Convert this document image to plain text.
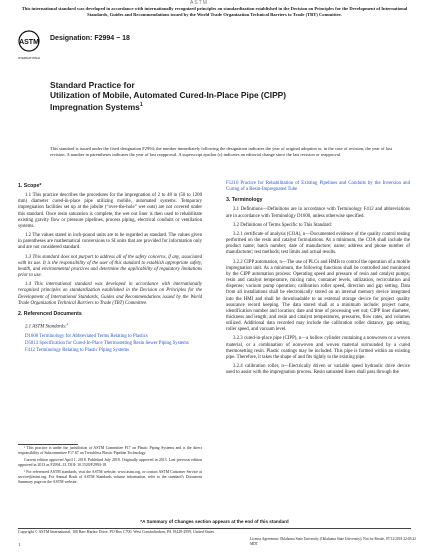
ASTM
This international standard was developed in accordance with internationally recognized principles on standardization established in the Decision on Principles for the Development of International Standards, Guides and Recommendations issued by the World Trade Organization Technical Barriers to Trade (TBT) Committee.
ASTM
INTERNATIONAL
Designation: F2994 − 18
Standard Practice for
Utilization of Mobile, Automated Cured-In-Place Pipe (CIPP)
Impregnation Systems$^1$
This standard is issued under the fixed designation F2994; the number immediately following the designation indicates the year of original adoption or, in the case of revision, the year of last revision. A number in parentheses indicates the year of last reapproval. A superscript epsilon (ε) indicates an editorial change since the last revision or reapproval.
1. Scope*
1.1 This practice describes the procedures for the impregnation of 2 to 48 in (50 to 1200 mm) diameter cured-in-place pipe utilizing mobile, automated systems. Temporary impregnation facilities set up at the jobsite (“over-the-hole” wet outs) are not covered under this standard. Once resin saturation is complete, the wet out liner is then used to rehabilitate existing gravity flow or pressure pipelines, process piping, electrical conduits or ventilation systems.
1.2 The values stated in inch-pound units are to be regarded as standard. The values given in parentheses are mathematical conversions to SI units that are provided for information only and are not considered standard.
1.3 This standard does not purport to address all of the safety concerns, if any, associated with its use. It is the responsibility of the user of this standard to establish appropriate safety, health, and environmental practices and determine the applicability of regulatory limitations prior to use.
1.4 This international standard was developed in accordance with internationally recognized principles on standardization established in the Decision on Principles for the Development of International Standards, Guides and Recommendations issued by the World Trade Organization Technical Barriers to Trade (TBT) Committee.
2. Referenced Documents
2.1 ASTM Standards:$^2$
D1600 Terminology for Abbreviated Terms Relating to Plastics
D5813 Specification for Cured-In-Place Thermosetting Resin Sewer Piping Systems
F412 Terminology Relating to Plastic Piping Systems
¹ This practice is under the jurisdiction of ASTM Committee F17 on Plastic Piping Systems and is the direct responsibility of Subcommittee F17.67 on Trenchless Plastic Pipeline Technology.
Current edition approved April 1, 2018. Published July 2018. Originally approved in 2013. Last previous edition approved in 2013 as F2994–13. DOI: 10.1520/F2994-18.
² For referenced ASTM standards, visit the ASTM website, www.astm.org, or contact ASTM Customer Service at service@astm.org. For Annual Book of ASTM Standards volume information, refer to the standard’s Document Summary page on the ASTM website.
F1216 Practice for Rehabilitation of Existing Pipelines and Conduits by the Inversion and Curing of a Resin-Impregnated Tube
3. Terminology
3.1 Definitions—Definitions are in accordance with Terminology F412 and abbreviations are in accordance with Terminology D1600, unless otherwise specified.
3.2 Definitions of Terms Specific to This Standard:
3.2.1 certificate of analysis (COA), n—Documented evidence of the quality control testing performed on the resin and catalyst formulations. As a minimum, the COA shall include the product name; batch number; date of manufacture; name; address and phone number of manufacturer; test methods; test limits and actual results.
3.2.2 CIPP automation, n—The use of PLCs and HMIs to control the operation of a mobile impregnation unit. As a minimum, the following functions shall be controlled and monitored by the CIPP automation process: Operating speed and pressure of resin and catalyst pumps; resin and catalyst temperature, mixing ratio, container levels, utilization, recirculation and dispense; vacuum pump operation; calibration roller speed, direction and gap setting. Data from all installations shall be electronically stored on an internal memory device integrated into the HMI and shall be downloadable to an external storage device for project quality assurance record keeping. The data stored shall at a minimum include: project name, identification number and location; date and time of processing wet out; CIPP liner diameter, thickness and length; and resin and catalyst temperatures, pressures, flow rates, and volumes utilized. Additional data recorded may include the calibration roller distance, gap setting, roller speed, and vacuum level.
3.2.3 cured-in-place pipe (CIPP), n—a hollow cylinder containing a nonwoven or a woven material, or a combination of nonwoven and woven material surrounded by a cured thermosetting resin. Plastic coatings may be included. This pipe is formed within an existing pipe. Therefore, it takes the shape of and fits tightly to the existing pipe.
3.2.4 calibration roller, n—Electrically driven or variable speed hydraulic drive device used to assist with the impregnation process. Resin saturated liners shall pass through the
*A Summary of Changes section appears at the end of this standard
Copyright © ASTM International, 100 Barr Harbor Drive, PO Box C700, West Conshohocken, PA 19428-2959, United States
1
License Agreement; Oklahoma State University (Oklahoma State University); Not for Resale, 07/12/2018 22:05:22 MDT
